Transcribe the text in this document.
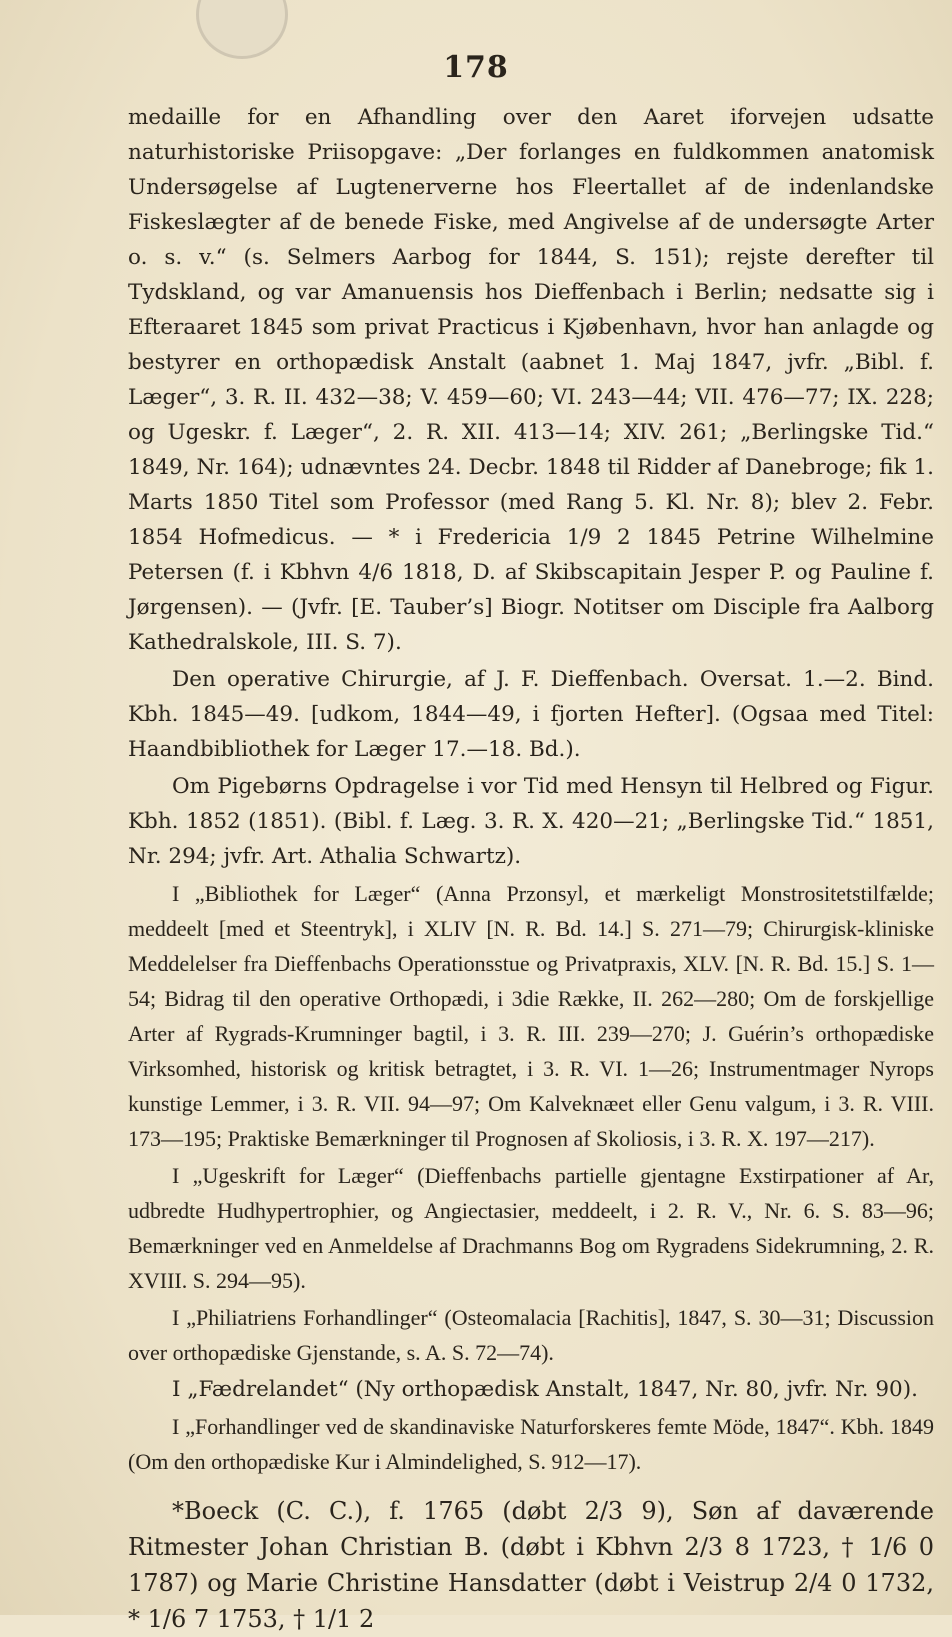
178

medaille for en Afhandling over den Aaret iforvejen udsatte naturhistoriske Priisopgave: „Der forlanges en fuldkommen anatomisk Undersøgelse af Lugtenerverne hos Fleertallet af de indenlandske Fiskeslægter af de benede Fiske, med Angivelse af de undersøgte Arter o. s. v.“ (s. Selmers Aarbog for 1844, S. 151); rejste derefter til Tydskland, og var Amanuensis hos Dieffenbach i Berlin; nedsatte sig i Efteraaret 1845 som privat Practicus i Kjøbenhavn, hvor han anlagde og bestyrer en orthopædisk Anstalt (aabnet 1. Maj 1847, jvfr. „Bibl. f. Læger“, 3. R. II. 432—38; V. 459—60; VI. 243—44; VII. 476—77; IX. 228; og Ugeskr. f. Læger“, 2. R. XII. 413—14; XIV. 261; „Berlingske Tid.“ 1849, Nr. 164); udnævntes 24. Decbr. 1848 til Ridder af Danebroge; fik 1. Marts 1850 Titel som Professor (med Rang 5. Kl. Nr. 8); blev 2. Febr. 1854 Hofmedicus. — * i Fredericia 1/9 2 1845 Petrine Wilhelmine Petersen (f. i Kbhvn 4/6 1818, D. af Skibscapitain Jesper P. og Pauline f. Jørgensen). — (Jvfr. [E. Tauber’s] Biogr. Notitser om Disciple fra Aalborg Kathedralskole, III. S. 7).

Den operative Chirurgie, af J. F. Dieffenbach. Oversat. 1.—2. Bind. Kbh. 1845—49. [udkom, 1844—49, i fjorten Hefter]. (Ogsaa med Titel: Haandbibliothek for Læger 17.—18. Bd.).

Om Pigebørns Opdragelse i vor Tid med Hensyn til Helbred og Figur. Kbh. 1852 (1851). (Bibl. f. Læg. 3. R. X. 420—21; „Berlingske Tid.“ 1851, Nr. 294; jvfr. Art. Athalia Schwartz).

I „Bibliothek for Læger“ (Anna Przonsyl, et mærkeligt Monstrositetstilfælde; meddeelt [med et Steentryk], i XLIV [N. R. Bd. 14.] S. 271—79; Chirurgisk-kliniske Meddelelser fra Dieffenbachs Operationsstue og Privatpraxis, XLV. [N. R. Bd. 15.] S. 1—54; Bidrag til den operative Orthopædi, i 3die Række, II. 262—280; Om de forskjellige Arter af Rygrads-Krumninger bagtil, i 3. R. III. 239—270; J. Guérin’s orthopædiske Virksomhed, historisk og kritisk betragtet, i 3. R. VI. 1—26; Instrumentmager Nyrops kunstige Lemmer, i 3. R. VII. 94—97; Om Kalveknæet eller Genu valgum, i 3. R. VIII. 173—195; Praktiske Bemærkninger til Prognosen af Skoliosis, i 3. R. X. 197—217).

I „Ugeskrift for Læger“ (Dieffenbachs partielle gjentagne Exstirpationer af Ar, udbredte Hudhypertrophier, og Angiectasier, meddeelt, i 2. R. V., Nr. 6. S. 83—96; Bemærkninger ved en Anmeldelse af Drachmanns Bog om Rygradens Sidekrumning, 2. R. XVIII. S. 294—95).

I „Philiatriens Forhandlinger“ (Osteomalacia [Rachitis], 1847, S. 30—31; Discussion over orthopædiske Gjenstande, s. A. S. 72—74).

I „Fædrelandet“ (Ny orthopædisk Anstalt, 1847, Nr. 80, jvfr. Nr. 90).

I „Forhandlinger ved de skandinaviske Naturforskeres femte Möde, 1847“. Kbh. 1849 (Om den orthopædiske Kur i Almindelighed, S. 912—17).

*Boeck (C. C.), f. 1765 (døbt 2/3 9), Søn af daværende Ritmester Johan Christian B. (døbt i Kbhvn 2/3 8 1723, † 1/6 0 1787) og Marie Christine Hansdatter (døbt i Veistrup 2/4 0 1732, * 1/6 7 1753, † 1/1 2
